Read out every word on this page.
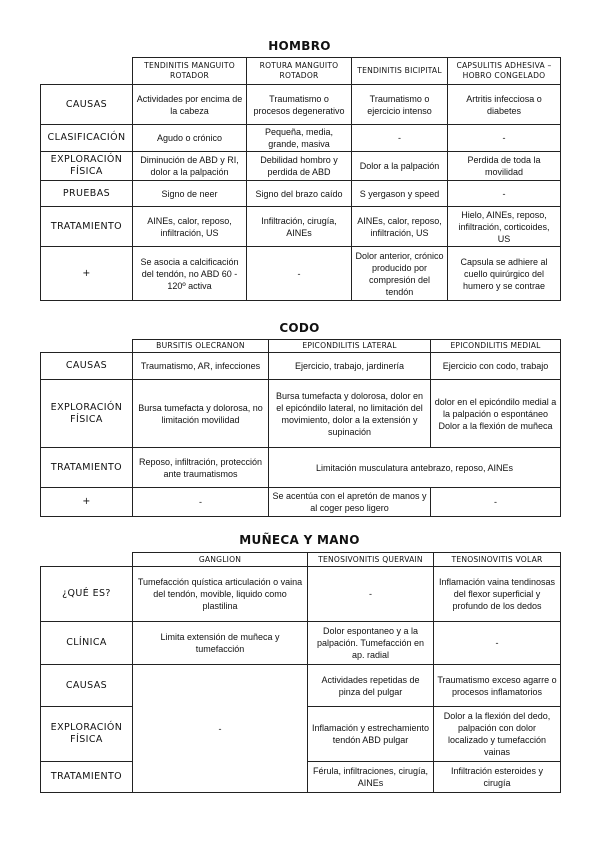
HOMBRO
	TENDINITIS MANGUITO ROTADOR	ROTURA MANGUITO ROTADOR	TENDINITIS BICIPITAL	CAPSULITIS ADHESIVA – HOBRO CONGELADO
CAUSAS	Actividades por encima de la cabeza	Traumatismo o procesos degenerativo	Traumatismo o ejercicio intenso	Artritis infecciosa o diabetes
CLASIFICACIÓN	Agudo o crónico	Pequeña, media, grande, masiva	-	-
EXPLORACIÓN FÍSICA	Diminución de ABD y RI, dolor a la palpación	Debilidad hombro y perdida de ABD	Dolor a la palpación	Perdida de toda la movilidad
PRUEBAS	Signo de neer	Signo del brazo caído	S yergason y speed	-
TRATAMIENTO	AINEs, calor, reposo, infiltración, US	Infiltración, cirugía, AINEs	AINEs, calor, reposo, infiltración, US	Hielo, AINEs, reposo, infiltración, corticoides, US
+	Se asocia a calcificación del tendón, no ABD 60 - 120º activa	-	Dolor anterior, crónico producido por compresión del tendón	Capsula se adhiere al cuello quirúrgico del humero y se contrae
CODO
	BURSITIS OLECRANON	EPICONDILITIS LATERAL	EPICONDILITIS MEDIAL
CAUSAS	Traumatismo, AR, infecciones	Ejercicio, trabajo, jardinería	Ejercicio con codo, trabajo
EXPLORACIÓN FÍSICA	Bursa tumefacta y dolorosa, no limitación movilidad	Bursa tumefacta y dolorosa, dolor en el epicóndilo lateral, no limitación del movimiento, dolor a la extensión y supinación	dolor en el epicóndilo medial a la palpación o espontáneo Dolor a la flexión de muñeca
TRATAMIENTO	Reposo, infiltración, protección ante traumatismos	Limitación musculatura antebrazo, reposo, AINEs	
+	-	Se acentúa con el apretón de manos y al coger peso ligero	-
MUÑECA Y MANO
	GANGLION	TENOSIVONITIS QUERVAIN	TENOSINOVITIS VOLAR
¿QUÉ ES?	Tumefacción quística articulación o vaina del tendón, movible, liquido como plastilina	-	Inflamación vaina tendinosas del flexor superficial y profundo de los dedos
CLÍNICA	Limita extensión de muñeca y tumefacción	Dolor espontaneo y a la palpación. Tumefacción en ap. radial	-
CAUSAS	-	Actividades repetidas de pinza del pulgar	Traumatismo exceso agarre o procesos inflamatorios
EXPLORACIÓN FÍSICA		Inflamación y estrechamiento tendón ABD pulgar	Dolor a la flexión del dedo, palpación con dolor localizado y tumefacción vainas
TRATAMIENTO		Férula, infiltraciones, cirugía, AINEs	Infiltración esteroides y cirugía
